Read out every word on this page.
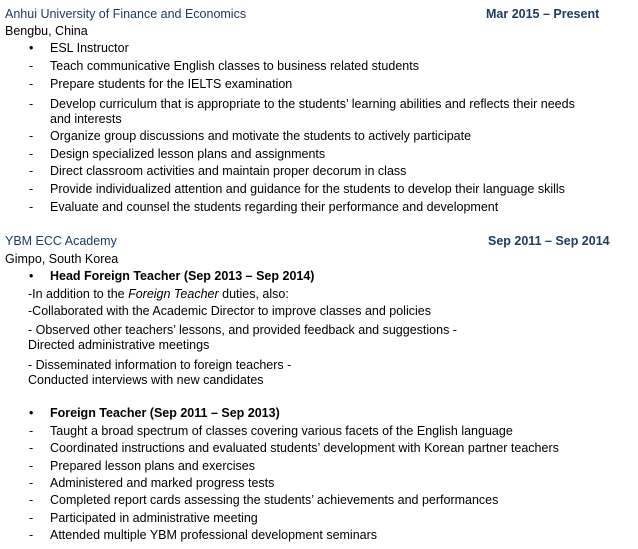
Anhui University of Finance and Economics	Mar 2015 – Present
Bengbu, China
• ESL Instructor
- Teach communicative English classes to business related students
- Prepare students for the IELTS examination
- Develop curriculum that is appropriate to the students’ learning abilities and reflects their needs
and interests
- Organize group discussions and motivate the students to actively participate
- Design specialized lesson plans and assignments
- Direct classroom activities and maintain proper decorum in class
- Provide individualized attention and guidance for the students to develop their language skills
- Evaluate and counsel the students regarding their performance and development
YBM ECC Academy	Sep 2011 – Sep 2014
Gimpo, South Korea
• Head Foreign Teacher (Sep 2013 – Sep 2014)
-In addition to the Foreign Teacher duties, also:
-Collaborated with the Academic Director to improve classes and policies
- Observed other teachers’ lessons, and provided feedback and suggestions -
Directed administrative meetings
- Disseminated information to foreign teachers -
Conducted interviews with new candidates
• Foreign Teacher (Sep 2011 – Sep 2013)
- Taught a broad spectrum of classes covering various facets of the English language
- Coordinated instructions and evaluated students’ development with Korean partner teachers
- Prepared lesson plans and exercises
- Administered and marked progress tests
- Completed report cards assessing the students’ achievements and performances
- Participated in administrative meeting
- Attended multiple YBM professional development seminars
